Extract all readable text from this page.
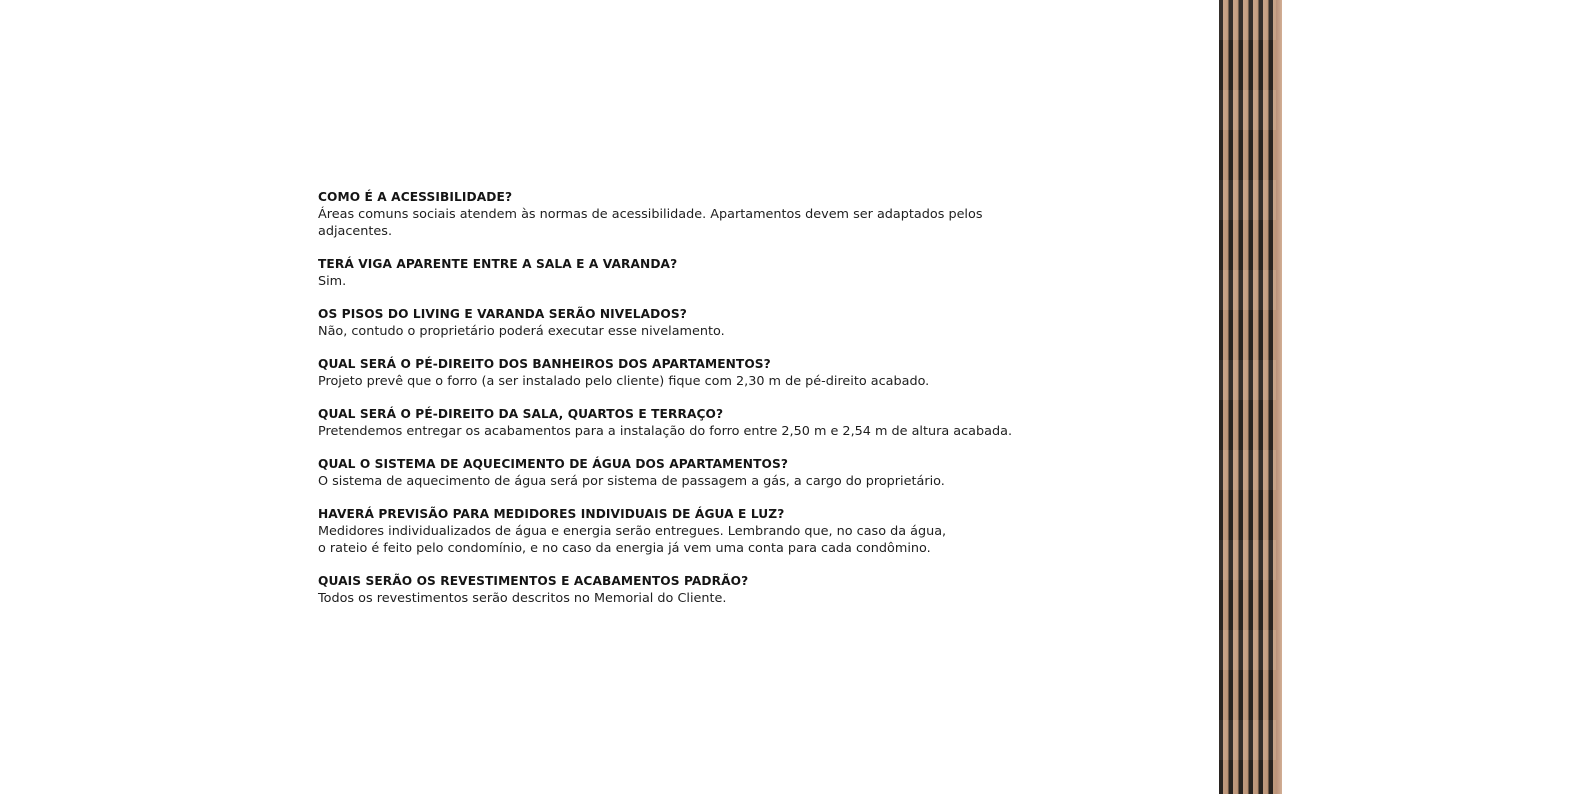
COMO É A ACESSIBILIDADE?
Áreas comuns sociais atendem às normas de acessibilidade. Apartamentos devem ser adaptados pelos
adjacentes.
TERÁ VIGA APARENTE ENTRE A SALA E A VARANDA?
Sim.
OS PISOS DO LIVING E VARANDA SERÃO NIVELADOS?
Não, contudo o proprietário poderá executar esse nivelamento.
QUAL SERÁ O PÉ-DIREITO DOS BANHEIROS DOS APARTAMENTOS?
Projeto prevê que o forro (a ser instalado pelo cliente) fique com 2,30 m de pé-direito acabado.
QUAL SERÁ O PÉ-DIREITO DA SALA, QUARTOS E TERRAÇO?
Pretendemos entregar os acabamentos para a instalação do forro entre 2,50 m e 2,54 m de altura acabada.
QUAL O SISTEMA DE AQUECIMENTO DE ÁGUA DOS APARTAMENTOS?
O sistema de aquecimento de água será por sistema de passagem a gás, a cargo do proprietário.
HAVERÁ PREVISÃO PARA MEDIDORES INDIVIDUAIS DE ÁGUA E LUZ?
Medidores individualizados de água e energia serão entregues. Lembrando que, no caso da água,
o rateio é feito pelo condomínio, e no caso da energia já vem uma conta para cada condômino.
QUAIS SERÃO OS REVESTIMENTOS E ACABAMENTOS PADRÃO?
Todos os revestimentos serão descritos no Memorial do Cliente.
